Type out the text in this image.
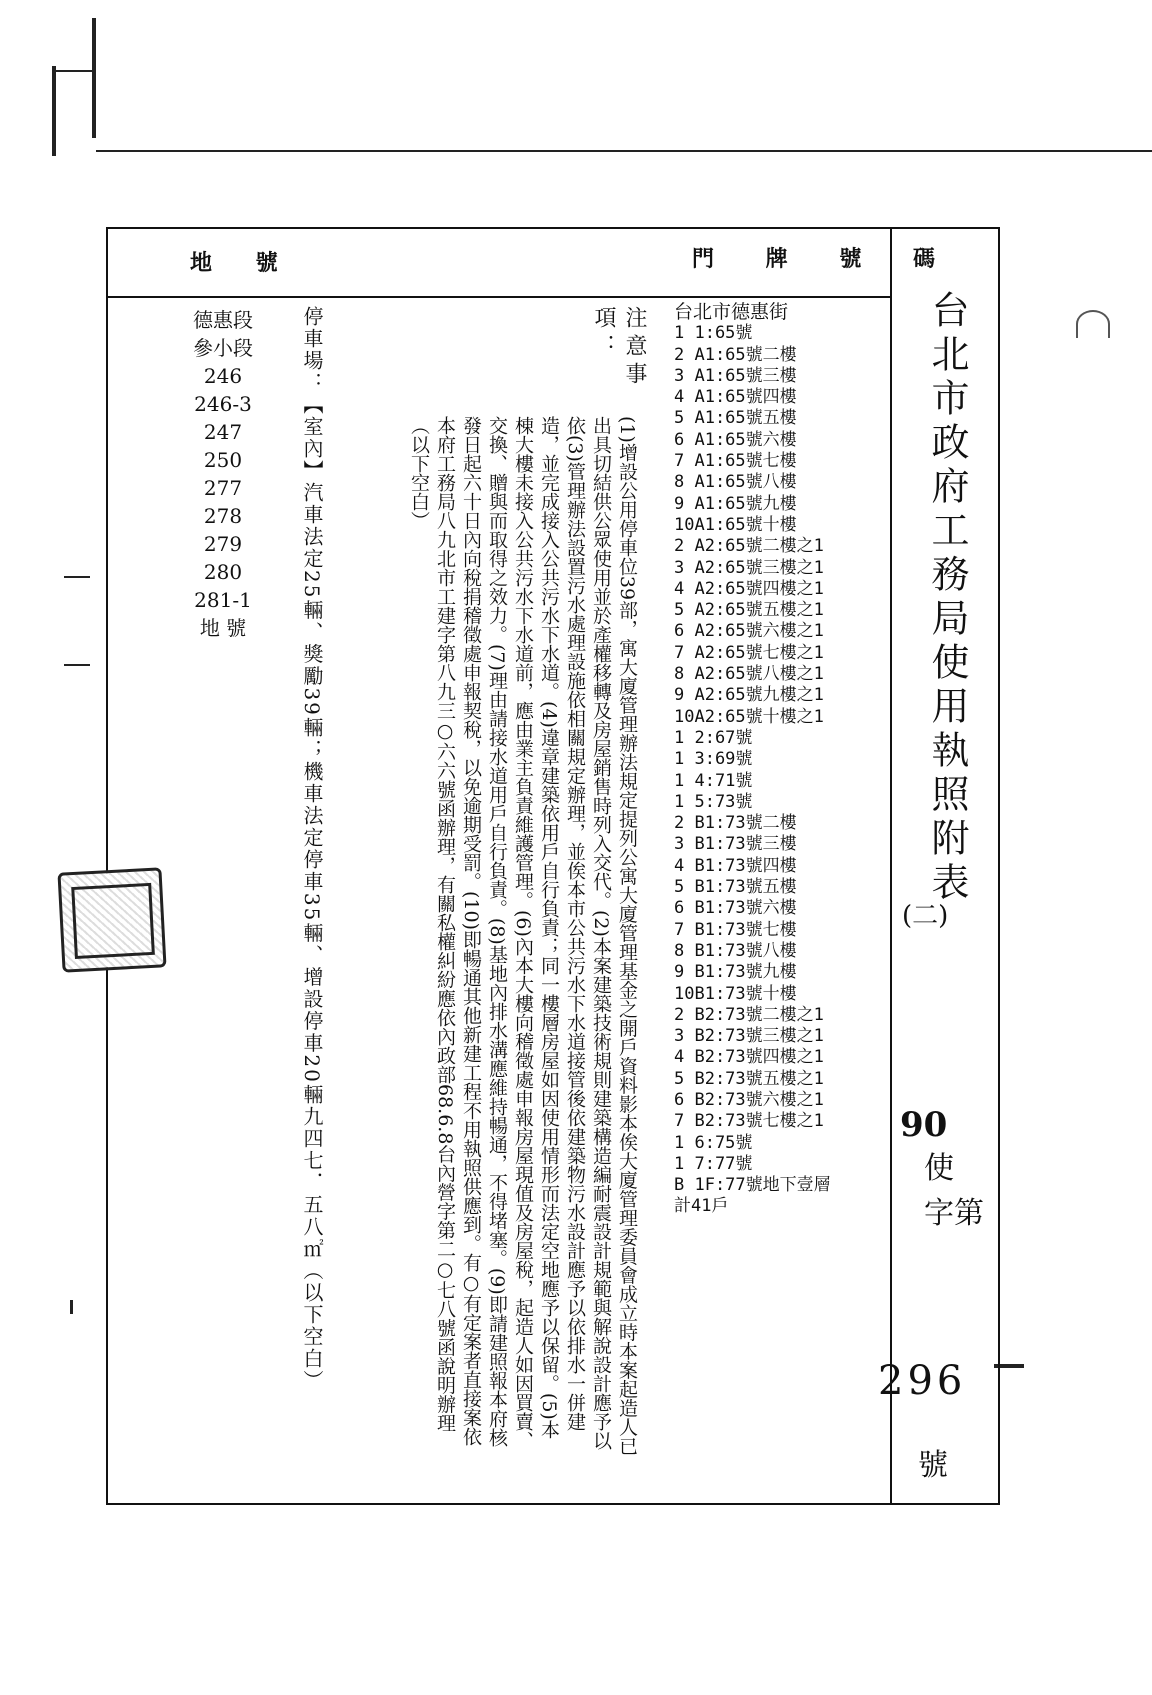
地 號	門 牌 號 碼
台北市政府工務局使用執照附表
(二)
90
使
字第
296
號
德惠段
參小段
246
246-3
247
250
277
278
279
280
281-1
地 號	停車場：【室內】汽車法定25輛、獎勵39輛；機車法定停車35輛、增設停車20輛九四七．五八㎡（以下空白）	注意事項：
(1)增設公用停車位39部，寓大廈管理辦法規定提列公寓大廈管理基金之開戶資料影本俟大廈管理委員會成立時本案起造人已出具切結供公眾使用並於產權移轉及房屋銷售時列入交代。(2)本案建築技術規則建築構造編耐震設計規範與解說設計應予以依(3)管理辦法設置污水處理設施依相關規定辦理，並俟本市公共污水下水道接管後依建築物污水設計應予以依排水一併建造，並完成接入公共污水下水道。(4)違章建築依用戶自行負責；同一樓層房屋如因使用情形而法定空地應予以保留。(5)本棟大樓未接入公共污水下水道前，應由業主負責維護管理。(6)內本大樓向稽徵處申報房屋現值及房屋稅，起造人如因買賣、交換、贈與而取得之效力。(7)理由請接水道用戶自行負責。(8)基地內排水溝應維持暢通，不得堵塞。(9)即請建照報本府核發日起六十日內向稅捐稽徵處申報契稅，以免逾期受罰。(10)即暢通其他新建工程不用執照供應到。有○有定案者直接案依本府工務局八九北市工建字第八九三○六六號函辦理，有關私權糾紛應依內政部68.6.8台內營字第二○七八號函說明辦理（以下空白）
台北市德惠街
1 1:65號
2 A1:65號二樓
3 A1:65號三樓
4 A1:65號四樓
5 A1:65號五樓
6 A1:65號六樓
7 A1:65號七樓
8 A1:65號八樓
9 A1:65號九樓
10A1:65號十樓
2 A2:65號二樓之1
3 A2:65號三樓之1
4 A2:65號四樓之1
5 A2:65號五樓之1
6 A2:65號六樓之1
7 A2:65號七樓之1
8 A2:65號八樓之1
9 A2:65號九樓之1
10A2:65號十樓之1
1 2:67號
1 3:69號
1 4:71號
1 5:73號
2 B1:73號二樓
3 B1:73號三樓
4 B1:73號四樓
5 B1:73號五樓
6 B1:73號六樓
7 B1:73號七樓
8 B1:73號八樓
9 B1:73號九樓
10B1:73號十樓
2 B2:73號二樓之1
3 B2:73號三樓之1
4 B2:73號四樓之1
5 B2:73號五樓之1
6 B2:73號六樓之1
7 B2:73號七樓之1
1 6:75號
1 7:77號
B 1F:77號地下壹層
計41戶
